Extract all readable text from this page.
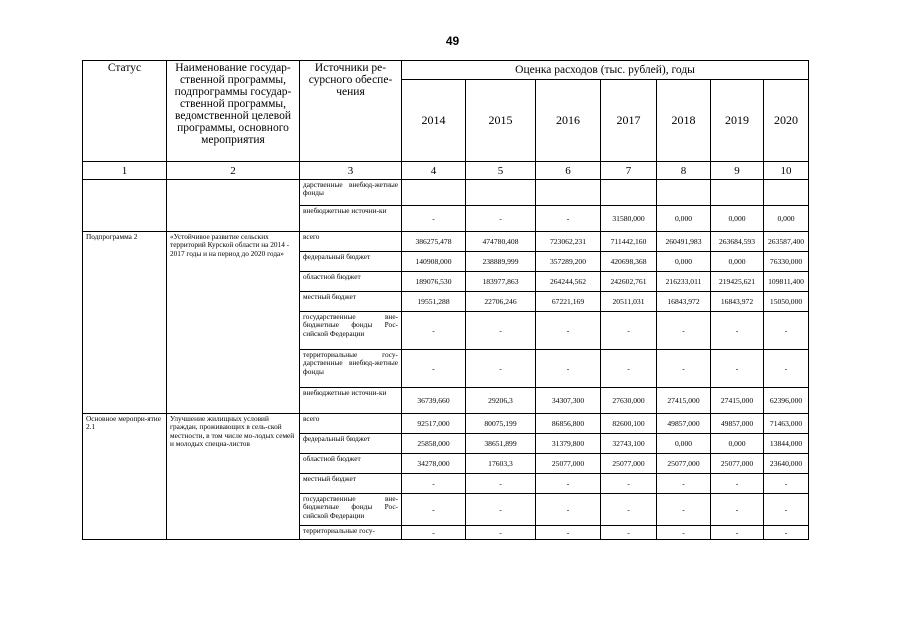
49
Статус	Наименование государ-ственной программы, подпрограммы государ-ственной программы, ведомственной целевой программы, основного мероприятия	Источники ре-сурсного обеспе-чения	Оценка расходов (тыс. рублей), годы						
			2014	2015	2016	2017	2018	2019	2020
1	2	3	4	5	6	7	8	9	10
		дарственные внебюд-жетные фонды							
		внебюджетные источни-ки	-	-	-	31580,000	0,000	0,000	0,000
Подпрограмма 2	«Устойчивое развитие сельских территорий Курской области на 2014 - 2017 годы и на период до 2020 года»	всего	386275,478	474780,408	723062,231	711442,160	260491,983	263684,593	263587,400
		федеральный бюджет	140908,000	238889,999	357289,200	420698,368	0,000	0,000	76330,000
		областной бюджет	189076,530	183977,863	264244,562	242602,761	216233,011	219425,621	109811,400
		местный бюджет	19551,288	22706,246	67221,169	20511,031	16843,972	16843,972	15050,000
		государственные вне-бюджетные фонды Рос-сийской Федерации	-	-	-	-	-	-	-
		территориальные госу-дарственные внебюд-жетные фонды	-	-	-	-	-	-	-
		внебюджетные источни-ки	36739,660	29206,3	34307,300	27630,000	27415,000	27415,000	62396,000
Основное меропри-ятие 2.1	Улучшение жилищных условий граждан, проживающих в сель-ской местности, в том числе мо-лодых семей и молодых специа-листов	всего	92517,000	80075,199	86856,800	82600,100	49857,000	49857,000	71463,000
		федеральный бюджет	25858,000	38651,899	31379,800	32743,100	0,000	0,000	13844,000
		областной бюджет	34278,000	17603,3	25077,000	25077,000	25077,000	25077,000	23640,000
		местный бюджет	-	-	-	-	-	-	-
		государственные вне-бюджетные фонды Рос-сийской Федерации	-	-	-	-	-	-	-
		территориальные госу-	-	-	-	-	-	-	-
